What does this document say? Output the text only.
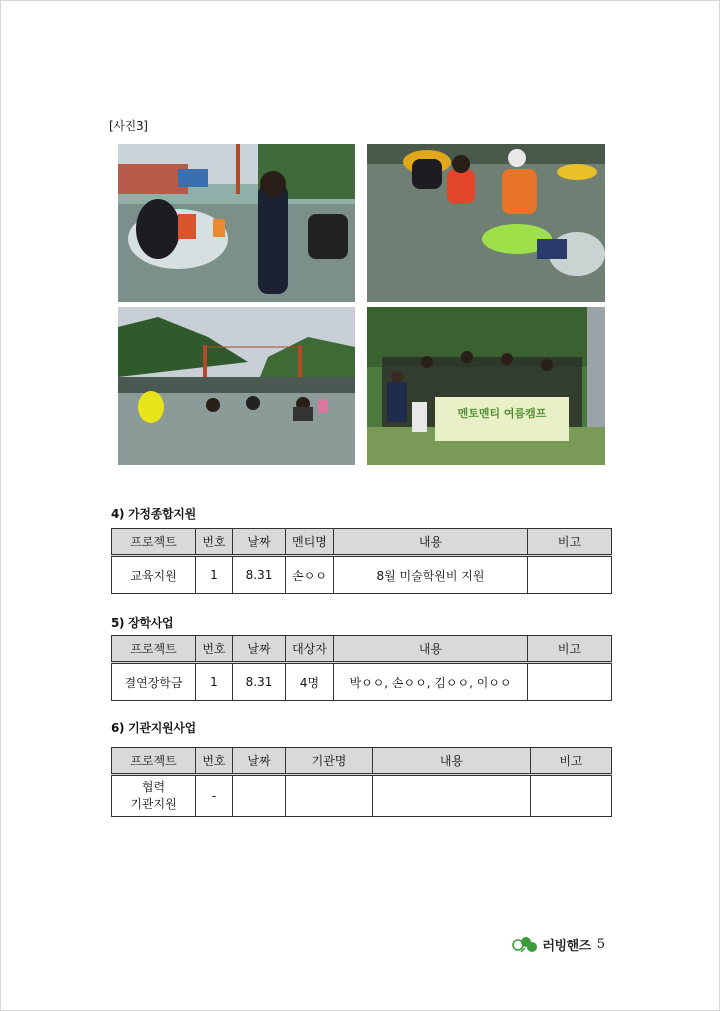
[사진3]
멘토멘티 여름캠프
4) 가정종합지원
프로젝트	번호	날짜	멘티명	내용	비고
교육지원	1	8.31	손ㅇㅇ	8월 미술학원비 지원	
5) 장학사업
프로젝트	번호	날짜	대상자	내용	비고
결연장학금	1	8.31	4명	박ㅇㅇ, 손ㅇㅇ, 김ㅇㅇ, 이ㅇㅇ	
6) 기관지원사업
프로젝트	번호	날짜	기관명	내용	비고
협력
기관지원	-				
러빙핸즈 5
